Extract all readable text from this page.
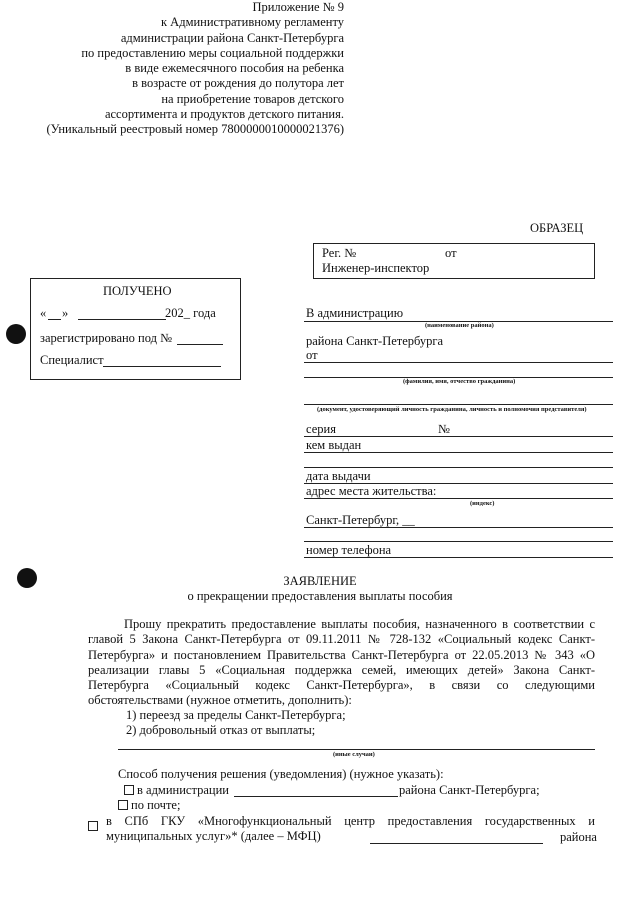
Приложение № 9
к Административному регламенту
администрации района Санкт-Петербурга
по предоставлению меры социальной поддержки
в виде ежемесячного пособия на ребенка
в возрасте от рождения до полутора лет
на приобретение товаров детского
ассортимента и продуктов детского питания.
(Уникальный реестровый номер 7800000010000021376)
ОБРАЗЕЦ
Рег. №	от
Инженер-инспектор
ПОЛУЧЕНО
« »	202_ года
зарегистрировано под №
Специалист
В администрацию
(наименование района)
района Санкт-Петербурга
от
(фамилия, имя, отчество гражданина)
(документ, удостоверяющий личность гражданина, личность и полномочия представителя)
серия	№
кем выдан
дата выдачи
адрес места жительства:
(индекс)
Санкт-Петербург, __
номер телефона
ЗАЯВЛЕНИЕ
о прекращении предоставления выплаты пособия
Прошу прекратить предоставление выплаты пособия, назначенного в соответствии с главой 5 Закона Санкт-Петербурга от 09.11.2011 № 728-132 «Социальный кодекс Санкт-Петербурга» и постановлением Правительства Санкт-Петербурга от 22.05.2013 № 343 «О реализации главы 5 «Социальная поддержка семей, имеющих детей» Закона Санкт-Петербурга «Социальный кодекс Санкт-Петербурга», в связи со следующими обстоятельствами (нужное отметить, дополнить):
1) переезд за пределы Санкт-Петербурга;
2) добровольный отказ от выплаты;
(иные случаи)
Способ получения решения (уведомления) (нужное указать):
в администрации	района Санкт-Петербурга;
по почте;
в СПб ГКУ «Многофункциональный центр предоставления государственных и муниципальных услуг»* (далее – МФЦ)	района
